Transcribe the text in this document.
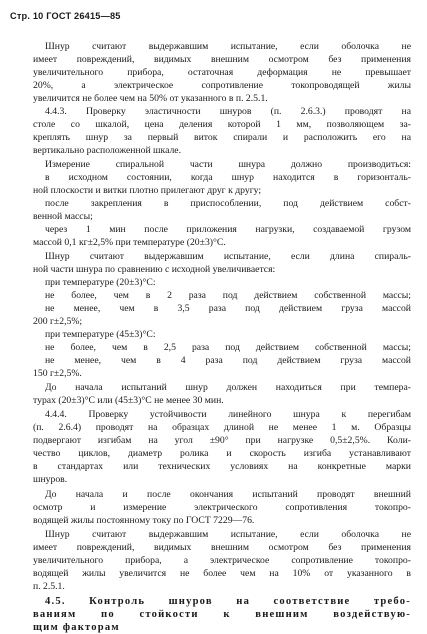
Стр. 10 ГОСТ 26415—85
Шнур считают выдержавшим испытание, если оболочка не
имеет повреждений, видимых внешним осмотром без применения
увеличительного прибора, остаточная деформация не превышает
20%, а электрическое сопротивление токопроводящей жилы
увеличится не более чем на 50% от указанного в п. 2.5.1.
4.4.3. Проверку эластичности шнуров (п. 2.6.3.) проводят на
столе со шкалой, цена деления которой 1 мм, позволяющем за-
креплять шнур за первый виток спирали и расположить его на
вертикально расположенной шкале.
Измерение спиральной части шнура должно производиться:
в исходном состоянии, когда шнур находится в горизонталь-
ной плоскости и витки плотно прилегают друг к другу;
после закрепления в приспособлении, под действием собст-
венной массы;
через 1 мин после приложения нагрузки, создаваемой грузом
массой 0,1 кг±2,5% при температуре (20±3)°C.
Шнур считают выдержавшим испытание, если длина спираль-
ной части шнура по сравнению с исходной увеличивается:
при температуре (20±3)°C:
не более, чем в 2 раза под действием собственной массы;
не менее, чем в 3,5 раза под действием груза массой
200 г±2,5%;
при температуре (45±3)°C:
не более, чем в 2,5 раза под действием собственной массы;
не менее, чем в 4 раза под действием груза массой
150 г±2,5%.
До начала испытаний шнур должен находиться при темпера-
турах (20±3)°C или (45±3)°C не менее 30 мин.
4.4.4. Проверку устойчивости линейного шнура к перегибам
(п. 2.6.4) проводят на образцах длиной не менее 1 м. Образцы
подвергают изгибам на угол ±90° при нагрузке 0,5±2,5%. Коли-
чество циклов, диаметр ролика и скорость изгиба устанавливают
в стандартах или технических условиях на конкретные марки
шнуров.
До начала и после окончания испытаний проводят внешний
осмотр и измерение электрического сопротивления токопро-
водящей жилы постоянному току по ГОСТ 7229—76.
Шнур считают выдержавшим испытание, если оболочка не
имеет повреждений, видимых внешним осмотром без применения
увеличительного прибора, а электрическое сопротивление токопро-
водящей жилы увеличится не более чем на 10% от указанного в
п. 2.5.1.
4.5. Контроль шнуров на соответствие требо-
ваниям по стойкости к внешним воздействую-
щим факторам
